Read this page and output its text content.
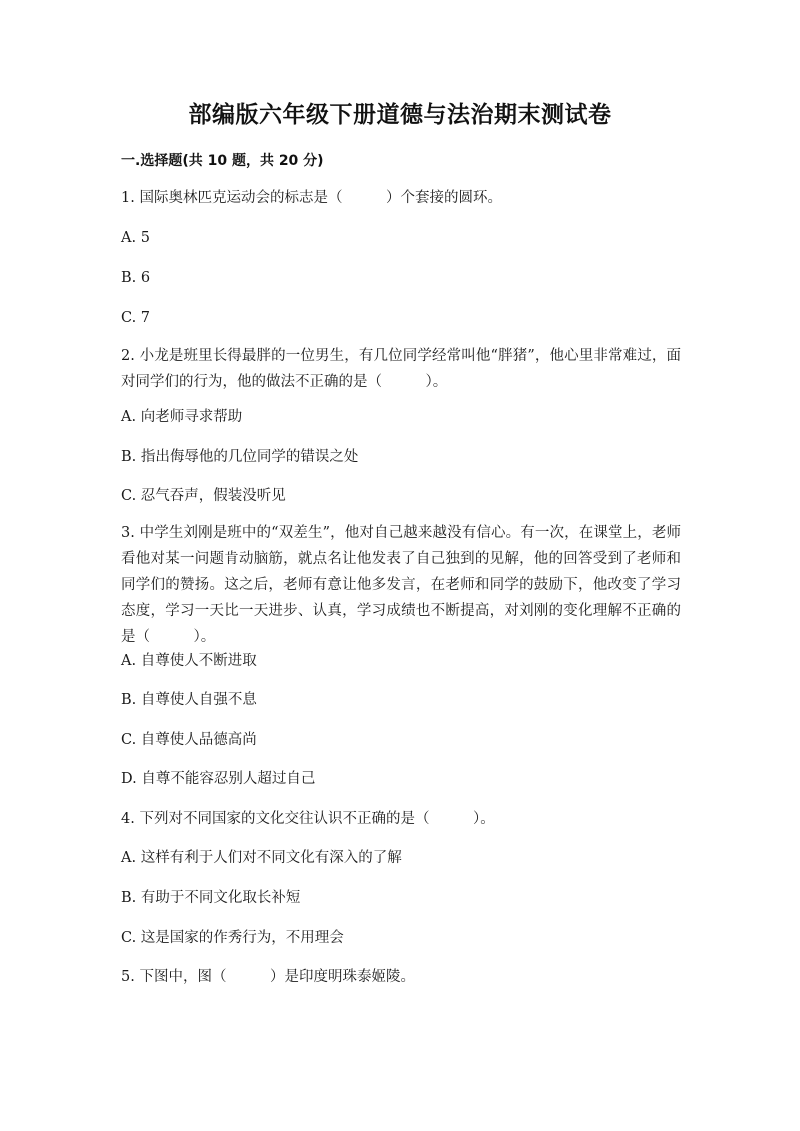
部编版六年级下册道德与法治期末测试卷
一.选择题(共 10 题，共 20 分)
1. 国际奥林匹克运动会的标志是（　　　）个套接的圆环。
A. 5
B. 6
C. 7
2. 小龙是班里长得最胖的一位男生，有几位同学经常叫他“胖猪”，他心里非常难过，面对同学们的行为，他的做法不正确的是（　　　）。
A. 向老师寻求帮助
B. 指出侮辱他的几位同学的错误之处
C. 忍气吞声，假装没听见
3. 中学生刘刚是班中的“双差生”，他对自己越来越没有信心。有一次，在课堂上，老师看他对某一问题肯动脑筋，就点名让他发表了自己独到的见解，他的回答受到了老师和同学们的赞扬。这之后，老师有意让他多发言，在老师和同学的鼓励下，他改变了学习态度，学习一天比一天进步、认真，学习成绩也不断提高，对刘刚的变化理解不正确的是（　　　）。
A. 自尊使人不断进取
B. 自尊使人自强不息
C. 自尊使人品德高尚
D. 自尊不能容忍别人超过自己
4. 下列对不同国家的文化交往认识不正确的是（　　　）。
A. 这样有利于人们对不同文化有深入的了解
B. 有助于不同文化取长补短
C. 这是国家的作秀行为，不用理会
5. 下图中，图（　　　）是印度明珠泰姬陵。
